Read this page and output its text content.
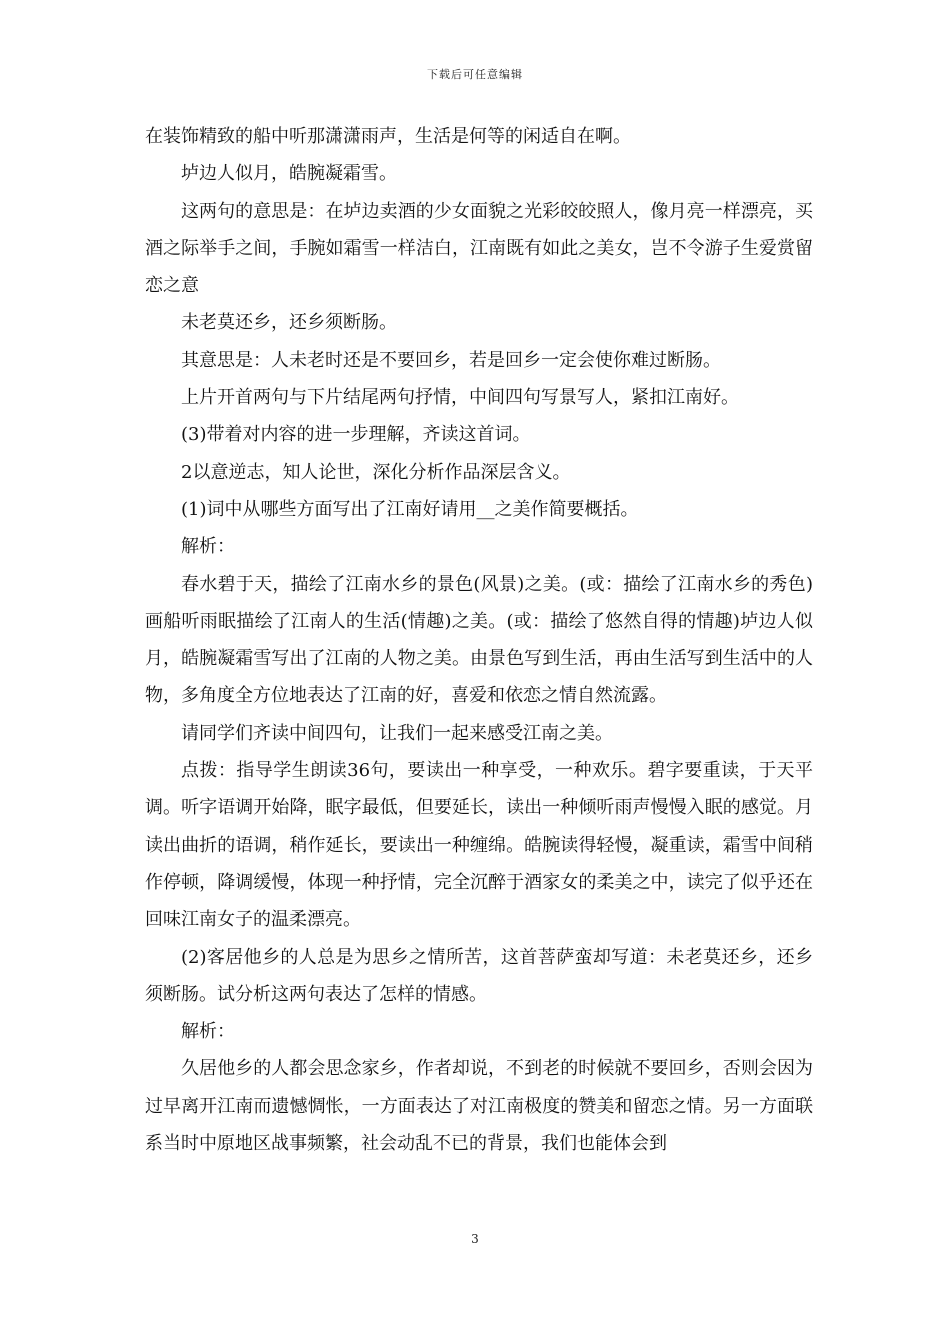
下载后可任意编辑

在装饰精致的船中听那潇潇雨声，生活是何等的闲适自在啊。

垆边人似月，皓腕凝霜雪。

这两句的意思是：在垆边卖酒的少女面貌之光彩皎皎照人，像月亮一样漂亮，买酒之际举手之间，手腕如霜雪一样洁白，江南既有如此之美女，岂不令游子生爱赏留恋之意

未老莫还乡，还乡须断肠。

其意思是：人未老时还是不要回乡，若是回乡一定会使你难过断肠。

上片开首两句与下片结尾两句抒情，中间四句写景写人，紧扣江南好。

(3)带着对内容的进一步理解，齐读这首词。

2以意逆志，知人论世，深化分析作品深层含义。

(1)词中从哪些方面写出了江南好请用__之美作简要概括。

解析：

春水碧于天，描绘了江南水乡的景色(风景)之美。(或：描绘了江南水乡的秀色)画船听雨眠描绘了江南人的生活(情趣)之美。(或：描绘了悠然自得的情趣)垆边人似月，皓腕凝霜雪写出了江南的人物之美。由景色写到生活，再由生活写到生活中的人物，多角度全方位地表达了江南的好，喜爱和依恋之情自然流露。

请同学们齐读中间四句，让我们一起来感受江南之美。

点拨：指导学生朗读36句，要读出一种享受，一种欢乐。碧字要重读，于天平调。听字语调开始降，眠字最低，但要延长，读出一种倾听雨声慢慢入眠的感觉。月读出曲折的语调，稍作延长，要读出一种缠绵。皓腕读得轻慢，凝重读，霜雪中间稍作停顿，降调缓慢，体现一种抒情，完全沉醉于酒家女的柔美之中，读完了似乎还在回味江南女子的温柔漂亮。

(2)客居他乡的人总是为思乡之情所苦，这首菩萨蛮却写道：未老莫还乡，还乡须断肠。试分析这两句表达了怎样的情感。

解析：

久居他乡的人都会思念家乡，作者却说，不到老的时候就不要回乡，否则会因为过早离开江南而遗憾惆怅，一方面表达了对江南极度的赞美和留恋之情。另一方面联系当时中原地区战事频繁，社会动乱不已的背景，我们也能体会到

3
